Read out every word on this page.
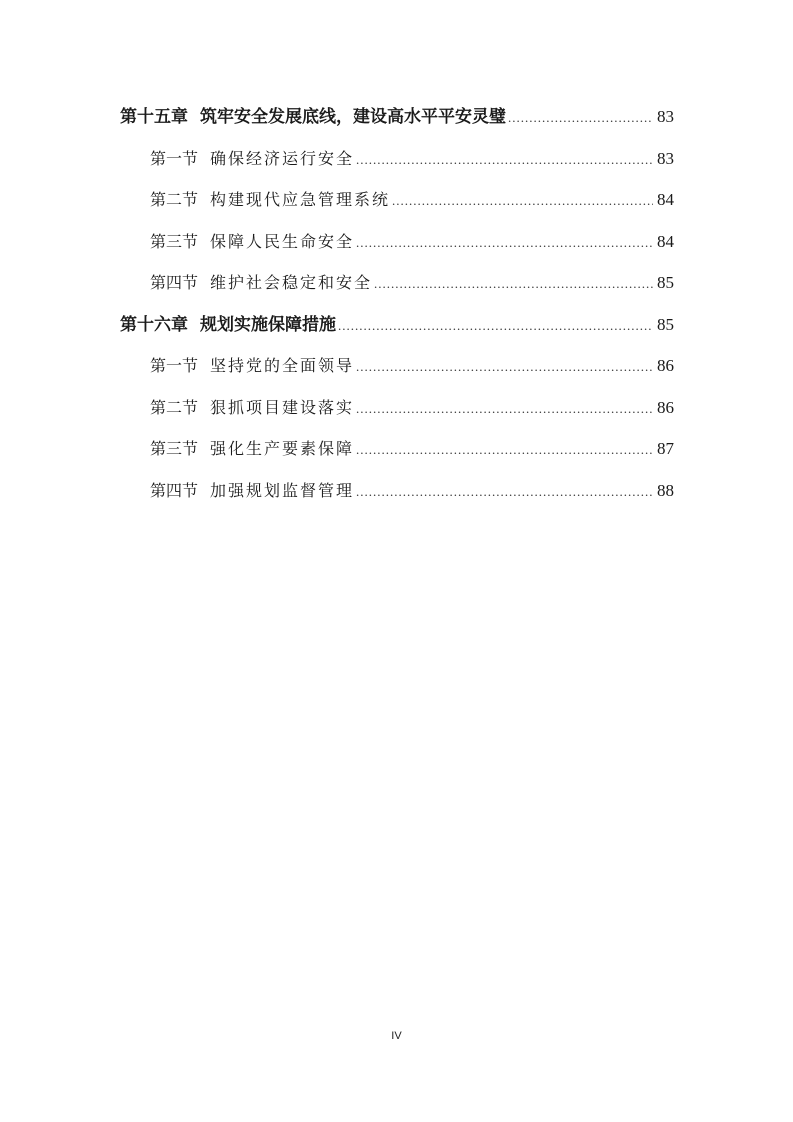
第十五章 筑牢安全发展底线，建设高水平平安灵璧 .....	83
第一节 确保经济运行安全 .....	83
第二节 构建现代应急管理系统 .....	84
第三节 保障人民生命安全 .....	84
第四节 维护社会稳定和安全 .....	85
第十六章 规划实施保障措施 .....	85
第一节 坚持党的全面领导 .....	86
第二节 狠抓项目建设落实 .....	86
第三节 强化生产要素保障 .....	87
第四节 加强规划监督管理 .....	88
IV
